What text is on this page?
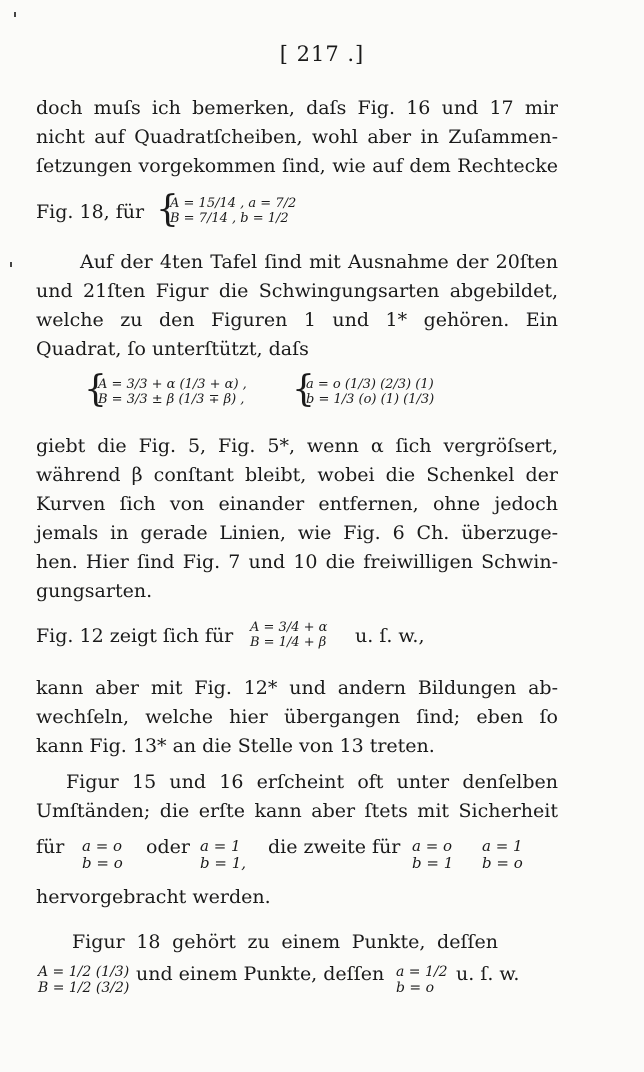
[ 217 .]
doch muſs ich bemerken, daſs Fig. 16 und 17 mir
nicht auf Quadratſcheiben, wohl aber in Zuſammen-
ſetzungen vorgekommen ſind, wie auf dem Rechtecke
Fig. 18, für {
A = 15/14 , a = 7/2
B = 7/14 , b = 1/2
Auf der 4ten Tafel ſind mit Ausnahme der 20ſten
und 21ſten Figur die Schwingungsarten abgebildet,
welche zu den Figuren 1 und 1* gehören. Ein
Quadrat, ſo unterſtützt, daſs
{
A = 3/3 + α (1/3 + α) ,
B = 3/3 ± β (1/3 ∓ β) , {
a = o (1/3) (2/3) (1)
b = 1/3 (o) (1) (1/3)
giebt die Fig. 5, Fig. 5*, wenn α ſich vergröſsert,
während β conſtant bleibt, wobei die Schenkel der
Kurven ſich von einander entfernen, ohne jedoch
jemals in gerade Linien, wie Fig. 6 Ch. überzuge-
hen. Hier ſind Fig. 7 und 10 die freiwilligen Schwin-
gungsarten.
Fig. 12 zeigt ſich für	A = 3/4 + α
B = 1/4 + β u. ſ. w.,
kann aber mit Fig. 12* und andern Bildungen ab-
wechſeln, welche hier übergangen ſind; eben ſo
kann Fig. 13* an die Stelle von 13 treten.
Figur 15 und 16 erſcheint oft unter denſelben
Umſtänden; die erſte kann aber ſtets mit Sicherheit
für	a = o
b = o
oder a = 1
b = 1,
die zweite für a = o
b = 1
a = 1
b = o
hervorgebracht werden.
Figur 18 gehört zu einem Punkte, deſſen
A = 1/2 (1/3)
B = 1/2 (3/2)
und einem Punkte, deſſen a = 1/2
b = o
u. ſ. w.
